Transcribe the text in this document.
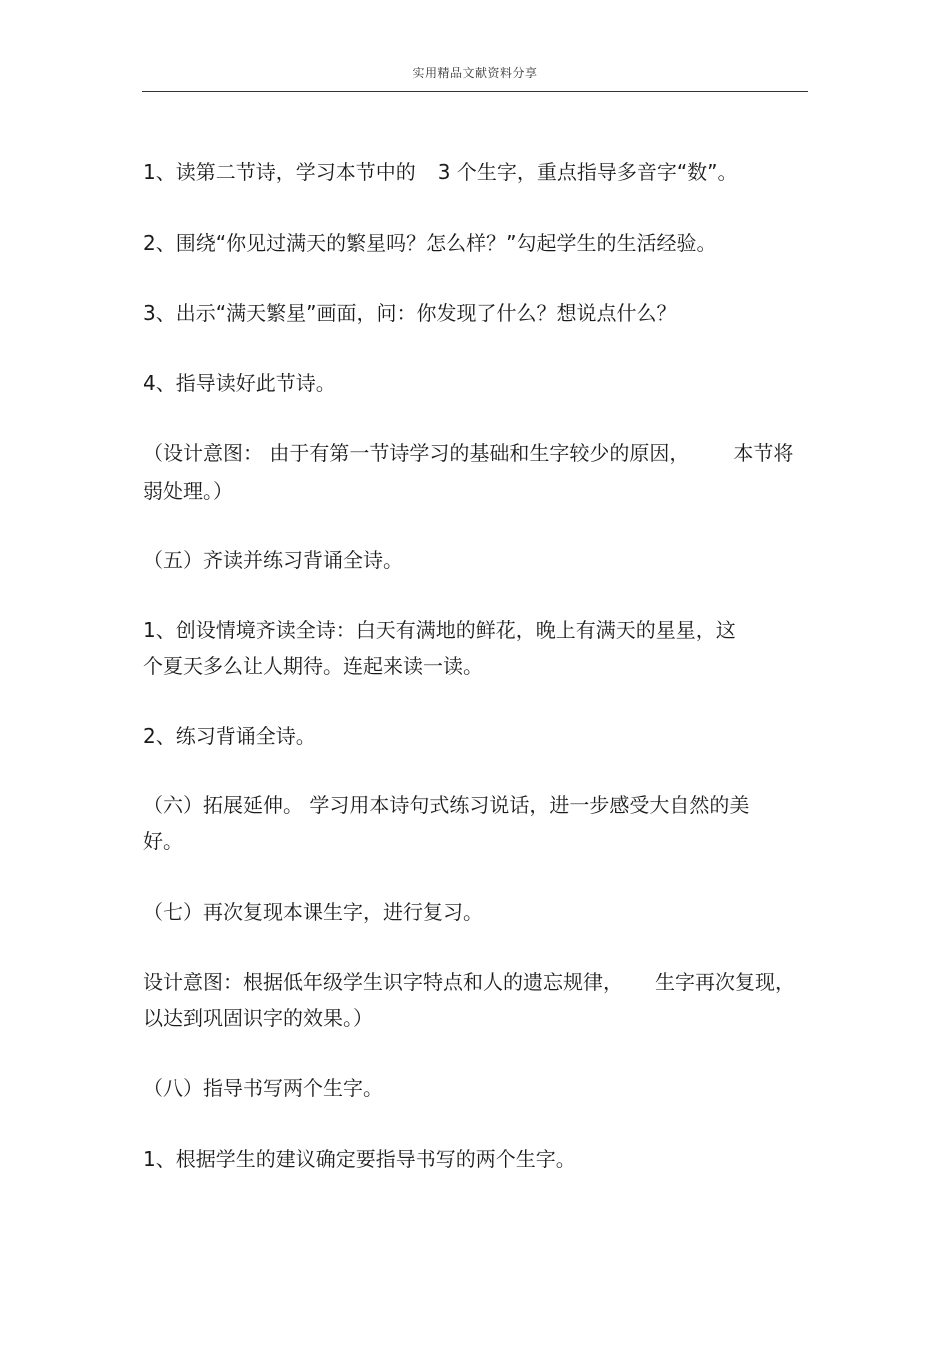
实用精品文献资料分享
1、读第二节诗，学习本节中的 3 个生字，重点指导多音字“数”。
2、围绕“你见过满天的繁星吗？怎么样？”勾起学生的生活经验。
3、出示“满天繁星”画面，问：你发现了什么？想说点什么？
4、指导读好此节诗。
（设计意图： 由于有第一节诗学习的基础和生字较少的原因， 本节将
弱处理。）
（五）齐读并练习背诵全诗。
1、创设情境齐读全诗：白天有满地的鲜花，晚上有满天的星星，这
个夏天多么让人期待。连起来读一读。
2、练习背诵全诗。
（六）拓展延伸。 学习用本诗句式练习说话，进一步感受大自然的美
好。
（七）再次复现本课生字，进行复习。
设计意图：根据低年级学生识字特点和人的遗忘规律， 生字再次复现，
以达到巩固识字的效果。）
（八）指导书写两个生字。
1、根据学生的建议确定要指导书写的两个生字。
